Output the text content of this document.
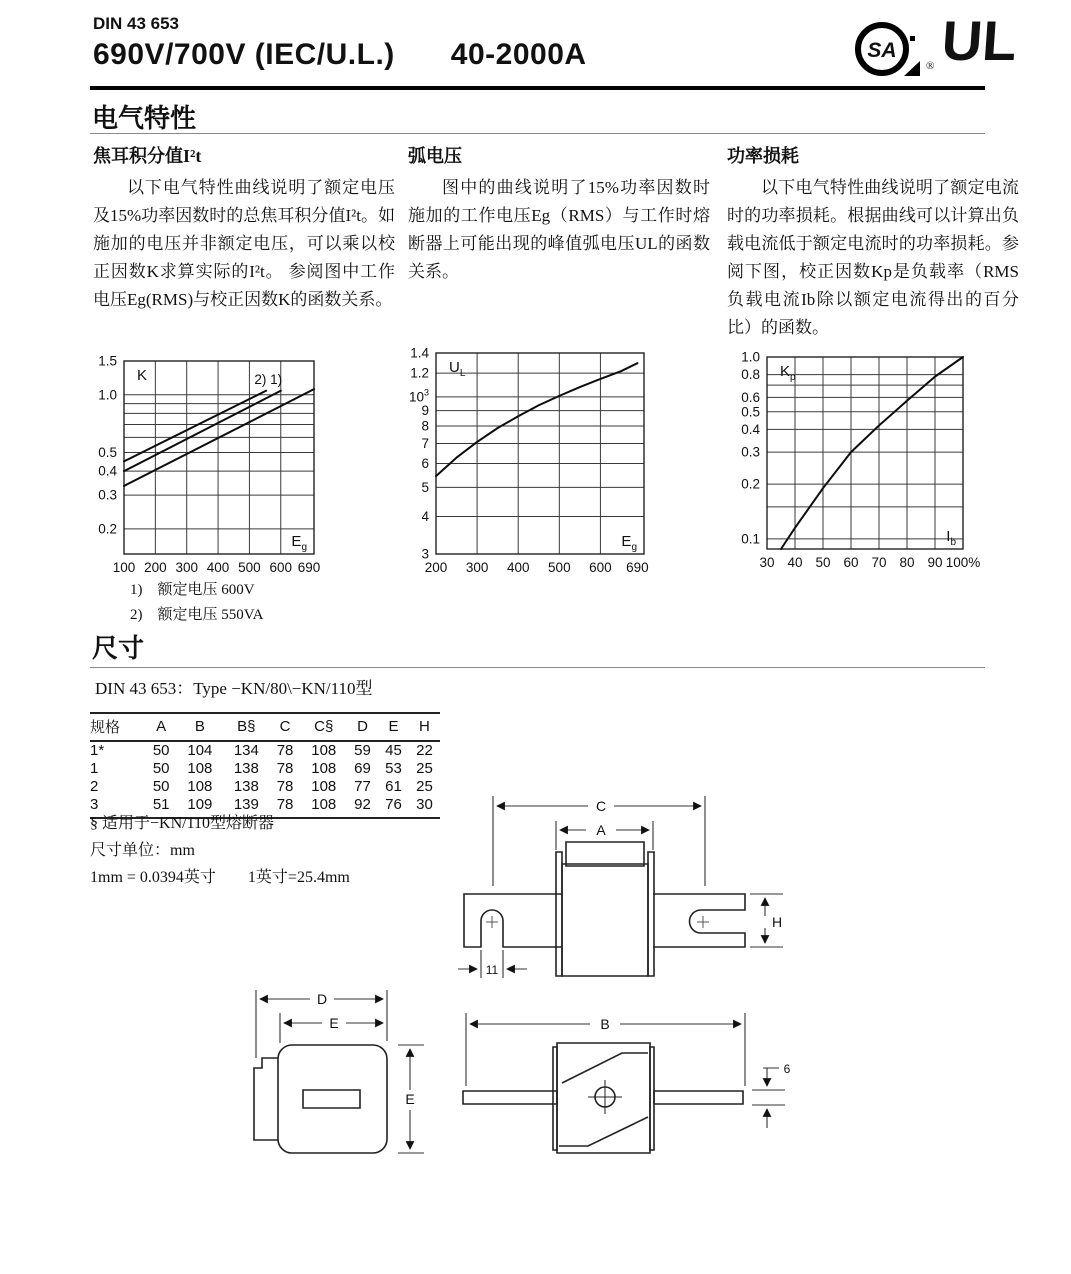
DIN 43 653
690V/700V (IEC/U.L.) 40-2000A	SA
® UL
电气特性
焦耳积分值I²t

以下电气特性曲线说明了额定电压及15%功率因数时的总焦耳积分值I²t。如施加的电压并非额定电压，可以乘以校正因数K求算实际的I²t。 参阅图中工作电压Eg(RMS)与校正因数K的函数关系。

弧电压

图中的曲线说明了15%功率因数时施加的工作电压Eg（RMS）与工作时熔断器上可能出现的峰值弧电压UL的函数关系。

功率损耗

以下电气特性曲线说明了额定电流时的功率损耗。根据曲线可以计算出负载电流低于额定电流时的功率损耗。参阅下图，校正因数Kp是负载率（RMS负载电流Ib除以额定电流得出的百分比）的函数。

100 200 300 400 500 600 690
1.5
1.0
0.5
0.4
0.3
0.2
K
$E_g$
2) 1)
200 300 400 500 600 690
1.4
1.2
$10^3$
9
8
7
6
5
4
3
$U_L$
$E_g$
30 40 50 60 70 80 90 100%
1.0
0.8
0.6
0.5
0.4
0.3
0.2
0.1
$K_p$
$I_b$
1)　额定电压 600V
2)　额定电压 550VA
尺寸
DIN 43 653：Type −KN/80\−KN/110型
规格	A	B	B§	C	C§	D	E	H
1*	50	104	134	78	108	59	45	22
1	50	108	138	78	108	69	53	25
2	50	108	138	78	108	77	61	25
3	51	109	139	78	108	92	76	30
§ 适用于−KN/110型熔断器
尺寸单位：mm
1mm = 0.0394英寸　　1英寸=25.4mm
C
A
H
11
D
E
E
B
6
